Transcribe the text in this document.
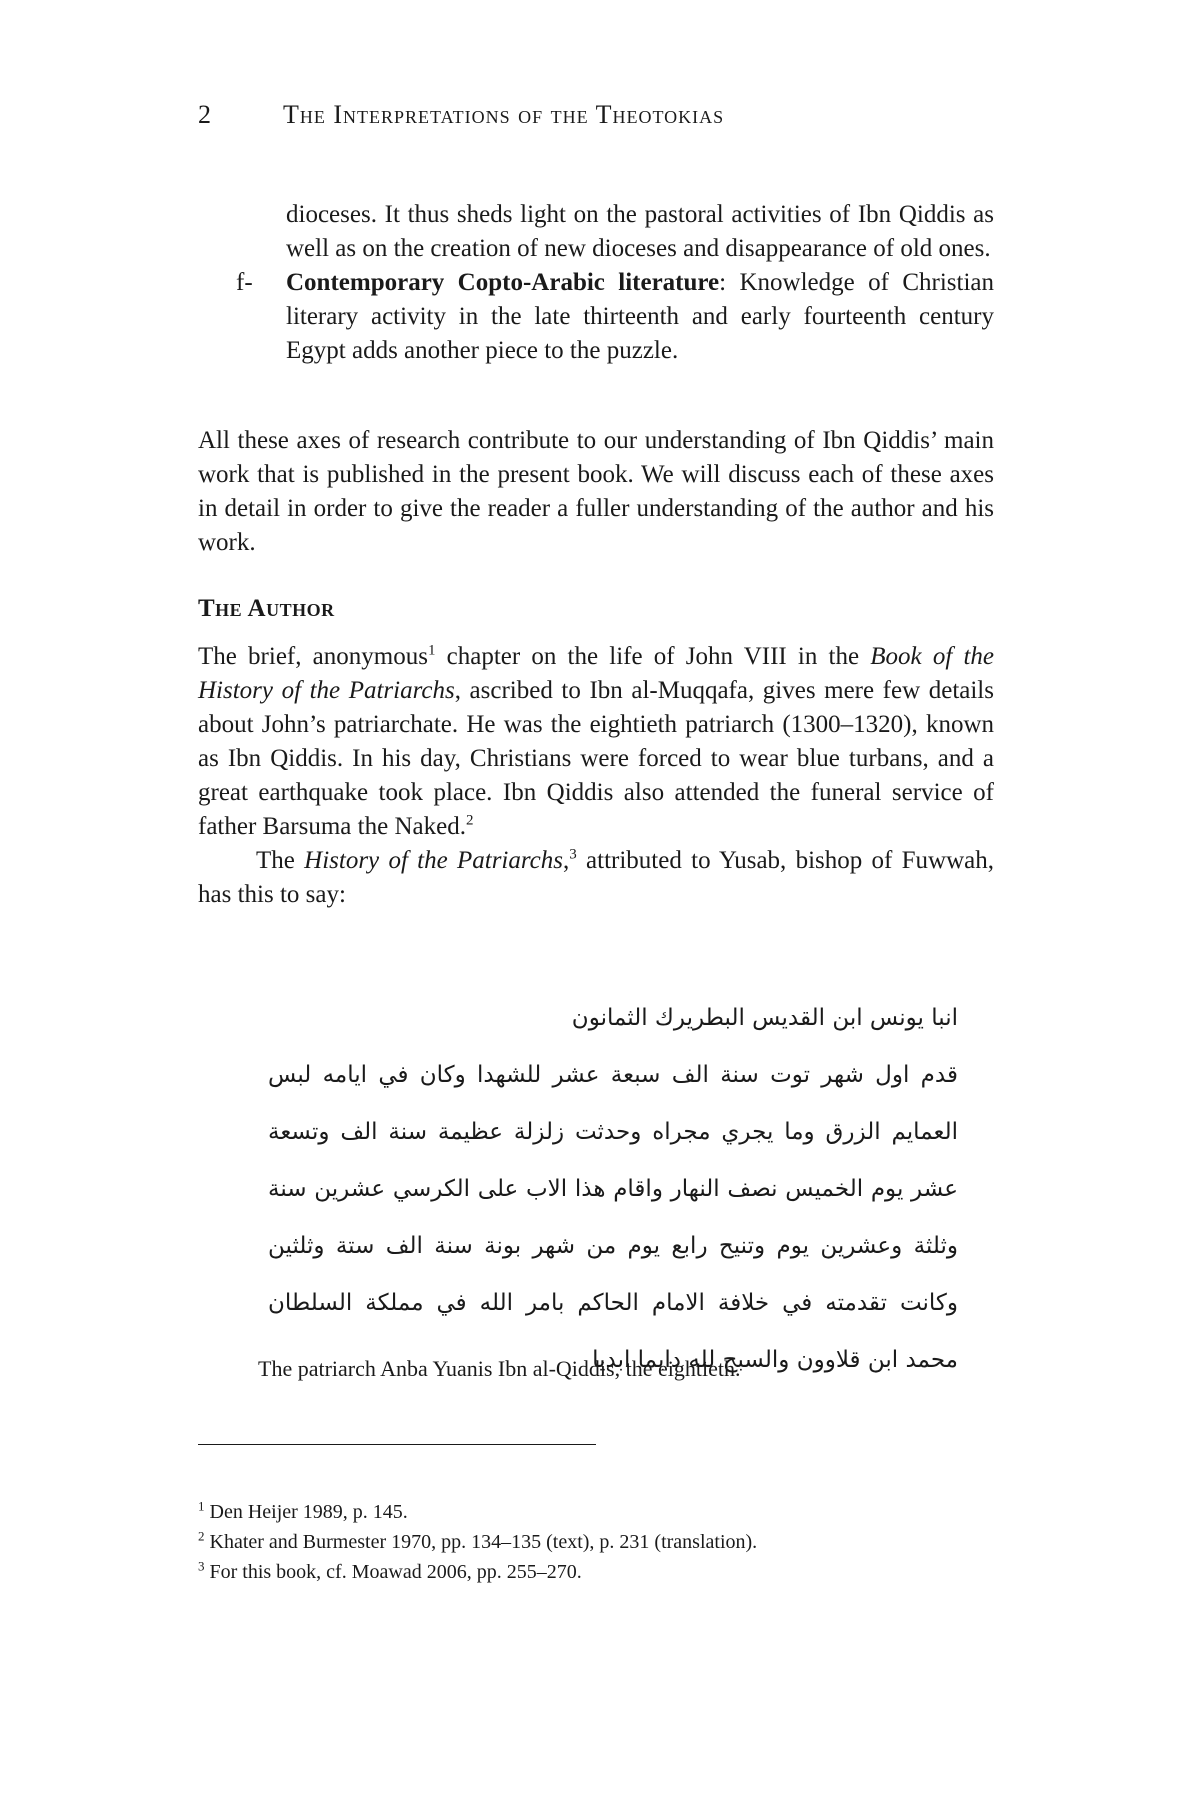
2	The Interpretations of the Theotokias

dioceses. It thus sheds light on the pastoral activities of Ibn Qiddis as well as on the creation of new dioceses and disappearance of old ones.

f- Contemporary Copto-Arabic literature: Knowledge of Christian literary activity in the late thirteenth and early fourteenth century Egypt adds another piece to the puzzle.

All these axes of research contribute to our understanding of Ibn Qiddis’ main work that is published in the present book. We will discuss each of these axes in detail in order to give the reader a fuller understanding of the author and his work.

The Author

The brief, anonymous$^1$ chapter on the life of John VIII in the Book of the History of the Patriarchs, ascribed to Ibn al-Muqqafa, gives mere few details about John’s patriarchate. He was the eightieth patriarch (1300–1320), known as Ibn Qiddis. In his day, Christians were forced to wear blue turbans, and a great earthquake took place. Ibn Qiddis also attended the funeral service of father Barsuma the Naked.$^2$

The History of the Patriarchs,$^3$ attributed to Yusab, bishop of Fuwwah, has this to say:

انبا يونس ابن القديس البطريرك الثمانون

قدم اول شهر توت سنة الف سبعة عشر للشهدا وكان في ايامه لبس العمايم الزرق وما يجري مجراه وحدثت زلزلة عظيمة سنة الف وتسعة عشر يوم الخميس نصف النهار واقام هذا الاب على الكرسي عشرين سنة وثلثة وعشرين يوم وتنيح رابع يوم من شهر بونة سنة الف ستة وثلثين وكانت تقدمته في خلافة الامام الحاكم بامر الله في مملكة السلطان محمد ابن قلاوون والسبح لله دايما ابديا

The patriarch Anba Yuanis Ibn al-Qiddis, the eightieth.

$^1$ Den Heijer 1989, p. 145.

$^2$ Khater and Burmester 1970, pp. 134–135 (text), p. 231 (translation).

$^3$ For this book, cf. Moawad 2006, pp. 255–270.
